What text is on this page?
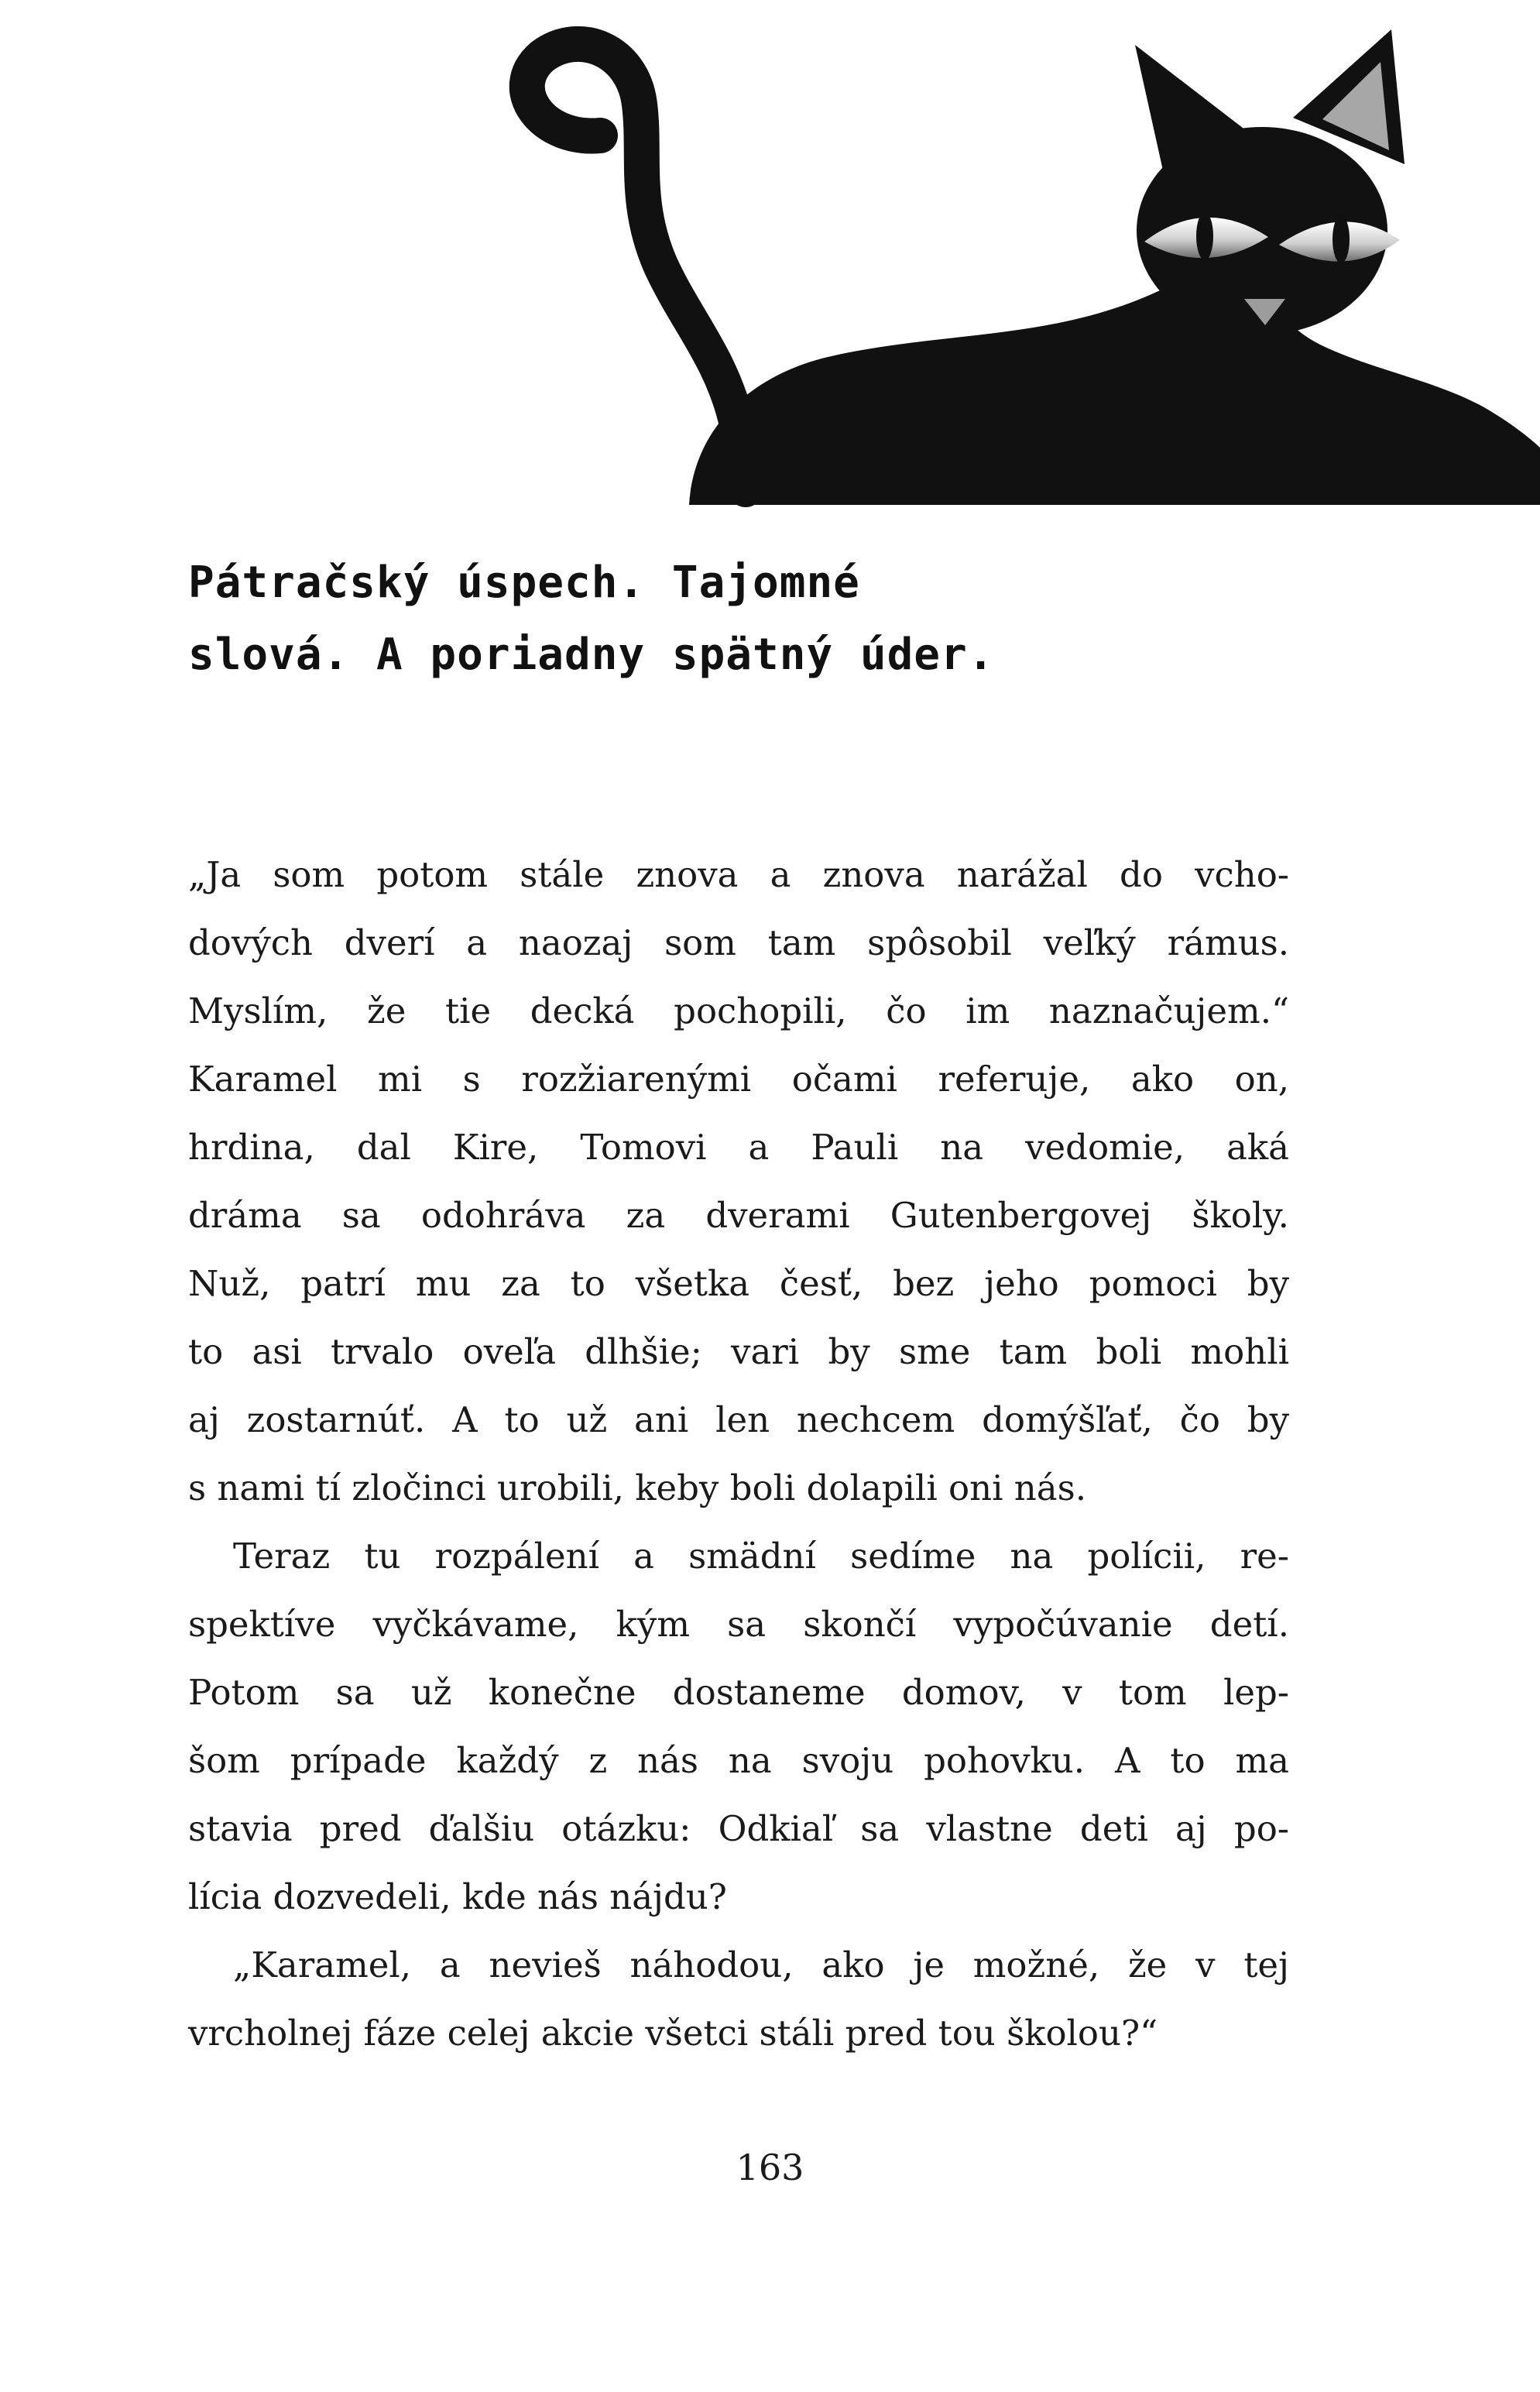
Pátračský úspech. Tajomné
slová. A poriadny spätný úder.
„Ja som potom stále znova a znova narážal do vcho-
dových dverí a naozaj som tam spôsobil veľký rámus.
Myslím, že tie decká pochopili, čo im naznačujem.“
Karamel mi s rozžiarenými očami referuje, ako on,
hrdina, dal Kire, Tomovi a Pauli na vedomie, aká
dráma sa odohráva za dverami Gutenbergovej školy.
Nuž, patrí mu za to všetka česť, bez jeho pomoci by
to asi trvalo oveľa dlhšie; vari by sme tam boli mohli
aj zostarnúť. A to už ani len nechcem domýšľať, čo by
s nami tí zločinci urobili, keby boli dolapili oni nás.
Teraz tu rozpálení a smädní sedíme na polícii, re-
spektíve vyčkávame, kým sa skončí vypočúvanie detí.
Potom sa už konečne dostaneme domov, v tom lep-
šom prípade každý z nás na svoju pohovku. A to ma
stavia pred ďalšiu otázku: Odkiaľ sa vlastne deti aj po-
lícia dozvedeli, kde nás nájdu?
„Karamel, a nevieš náhodou, ako je možné, že v tej
vrcholnej fáze celej akcie všetci stáli pred tou školou?“
163
